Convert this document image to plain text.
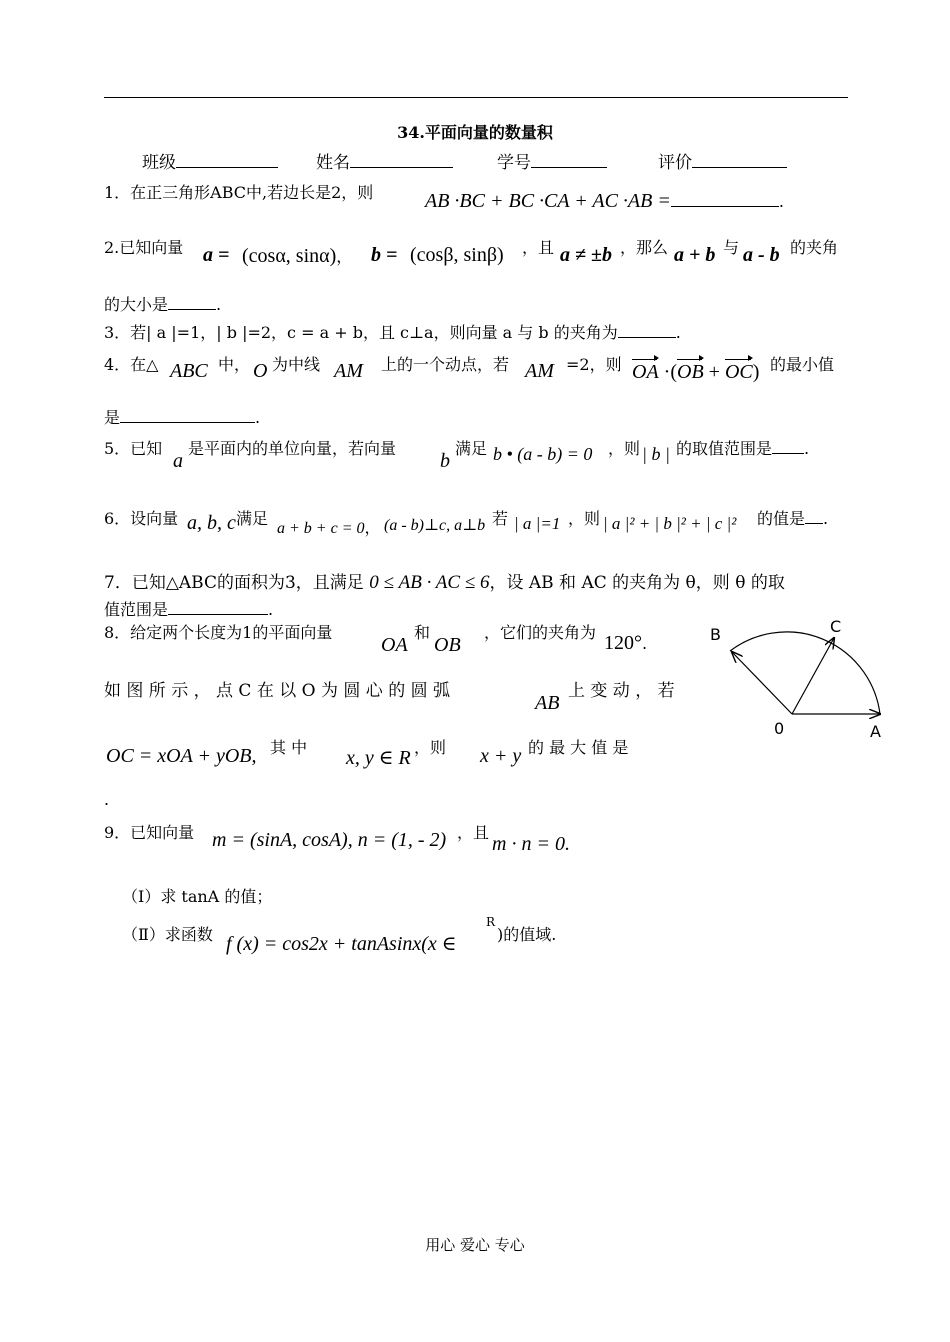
34.平面向量的数量积
班级	姓名	学号	评价
1．在正三角形ABC中,若边长是2，则	AB ·BC + BC ·CA + AC ·AB =	.
2.已知向量 a = (cosα, sinα)， b = (cosβ, sinβ) ，且 a ≠ ±b ，那么 a + b 与 a - b 的夹角
的大小是	.
3．若| a |=1，| b |=2，c = a + b，且 c⊥a，则向量 a 与 b 的夹角为	.
4．在△ ABC 中， O 为中线 AM 上的一个动点，若 AM =2，则 OA ·(OB + OC) 的最小值
是	.
5．已知
a
是平面内的单位向量，若向量
b
满足 b • (a - b) = 0 ，则 | b | 的取值范围是 .
6．设向量 a, b, c 满足
a + b + c = 0， (a - b)⊥c, a⊥b 若 | a |=1 ，则 | a |² + | b |² + | c |² 的值是 .
7．已知△ABC的面积为3，且满足 0 ≤ AB · AC ≤ 6，设 AB 和 AC 的夹角为 θ，则 θ 的取
值范围是	.
8．给定两个长度为1的平面向量
OA
和
OB
，它们的夹角为 120°.
如 图 所 示 ， 点 C 在 以 O 为 圆 心 的 圆 弧
AB
上 变 动 ， 若
OC = xOA + yOB, 其 中 x, y ∈ R ，则 x + y 的 最 大 值 是
.
B	C
0	A
9．已知向量 m = (sinA, cosA), n = (1, - 2) ，且
m · n = 0.
（Ⅰ）求 tanA 的值；
（Ⅱ）求函数 f (x) = cos2x + tanAsinx(x ∈
R
)的值域.
用心 爱心 专心
